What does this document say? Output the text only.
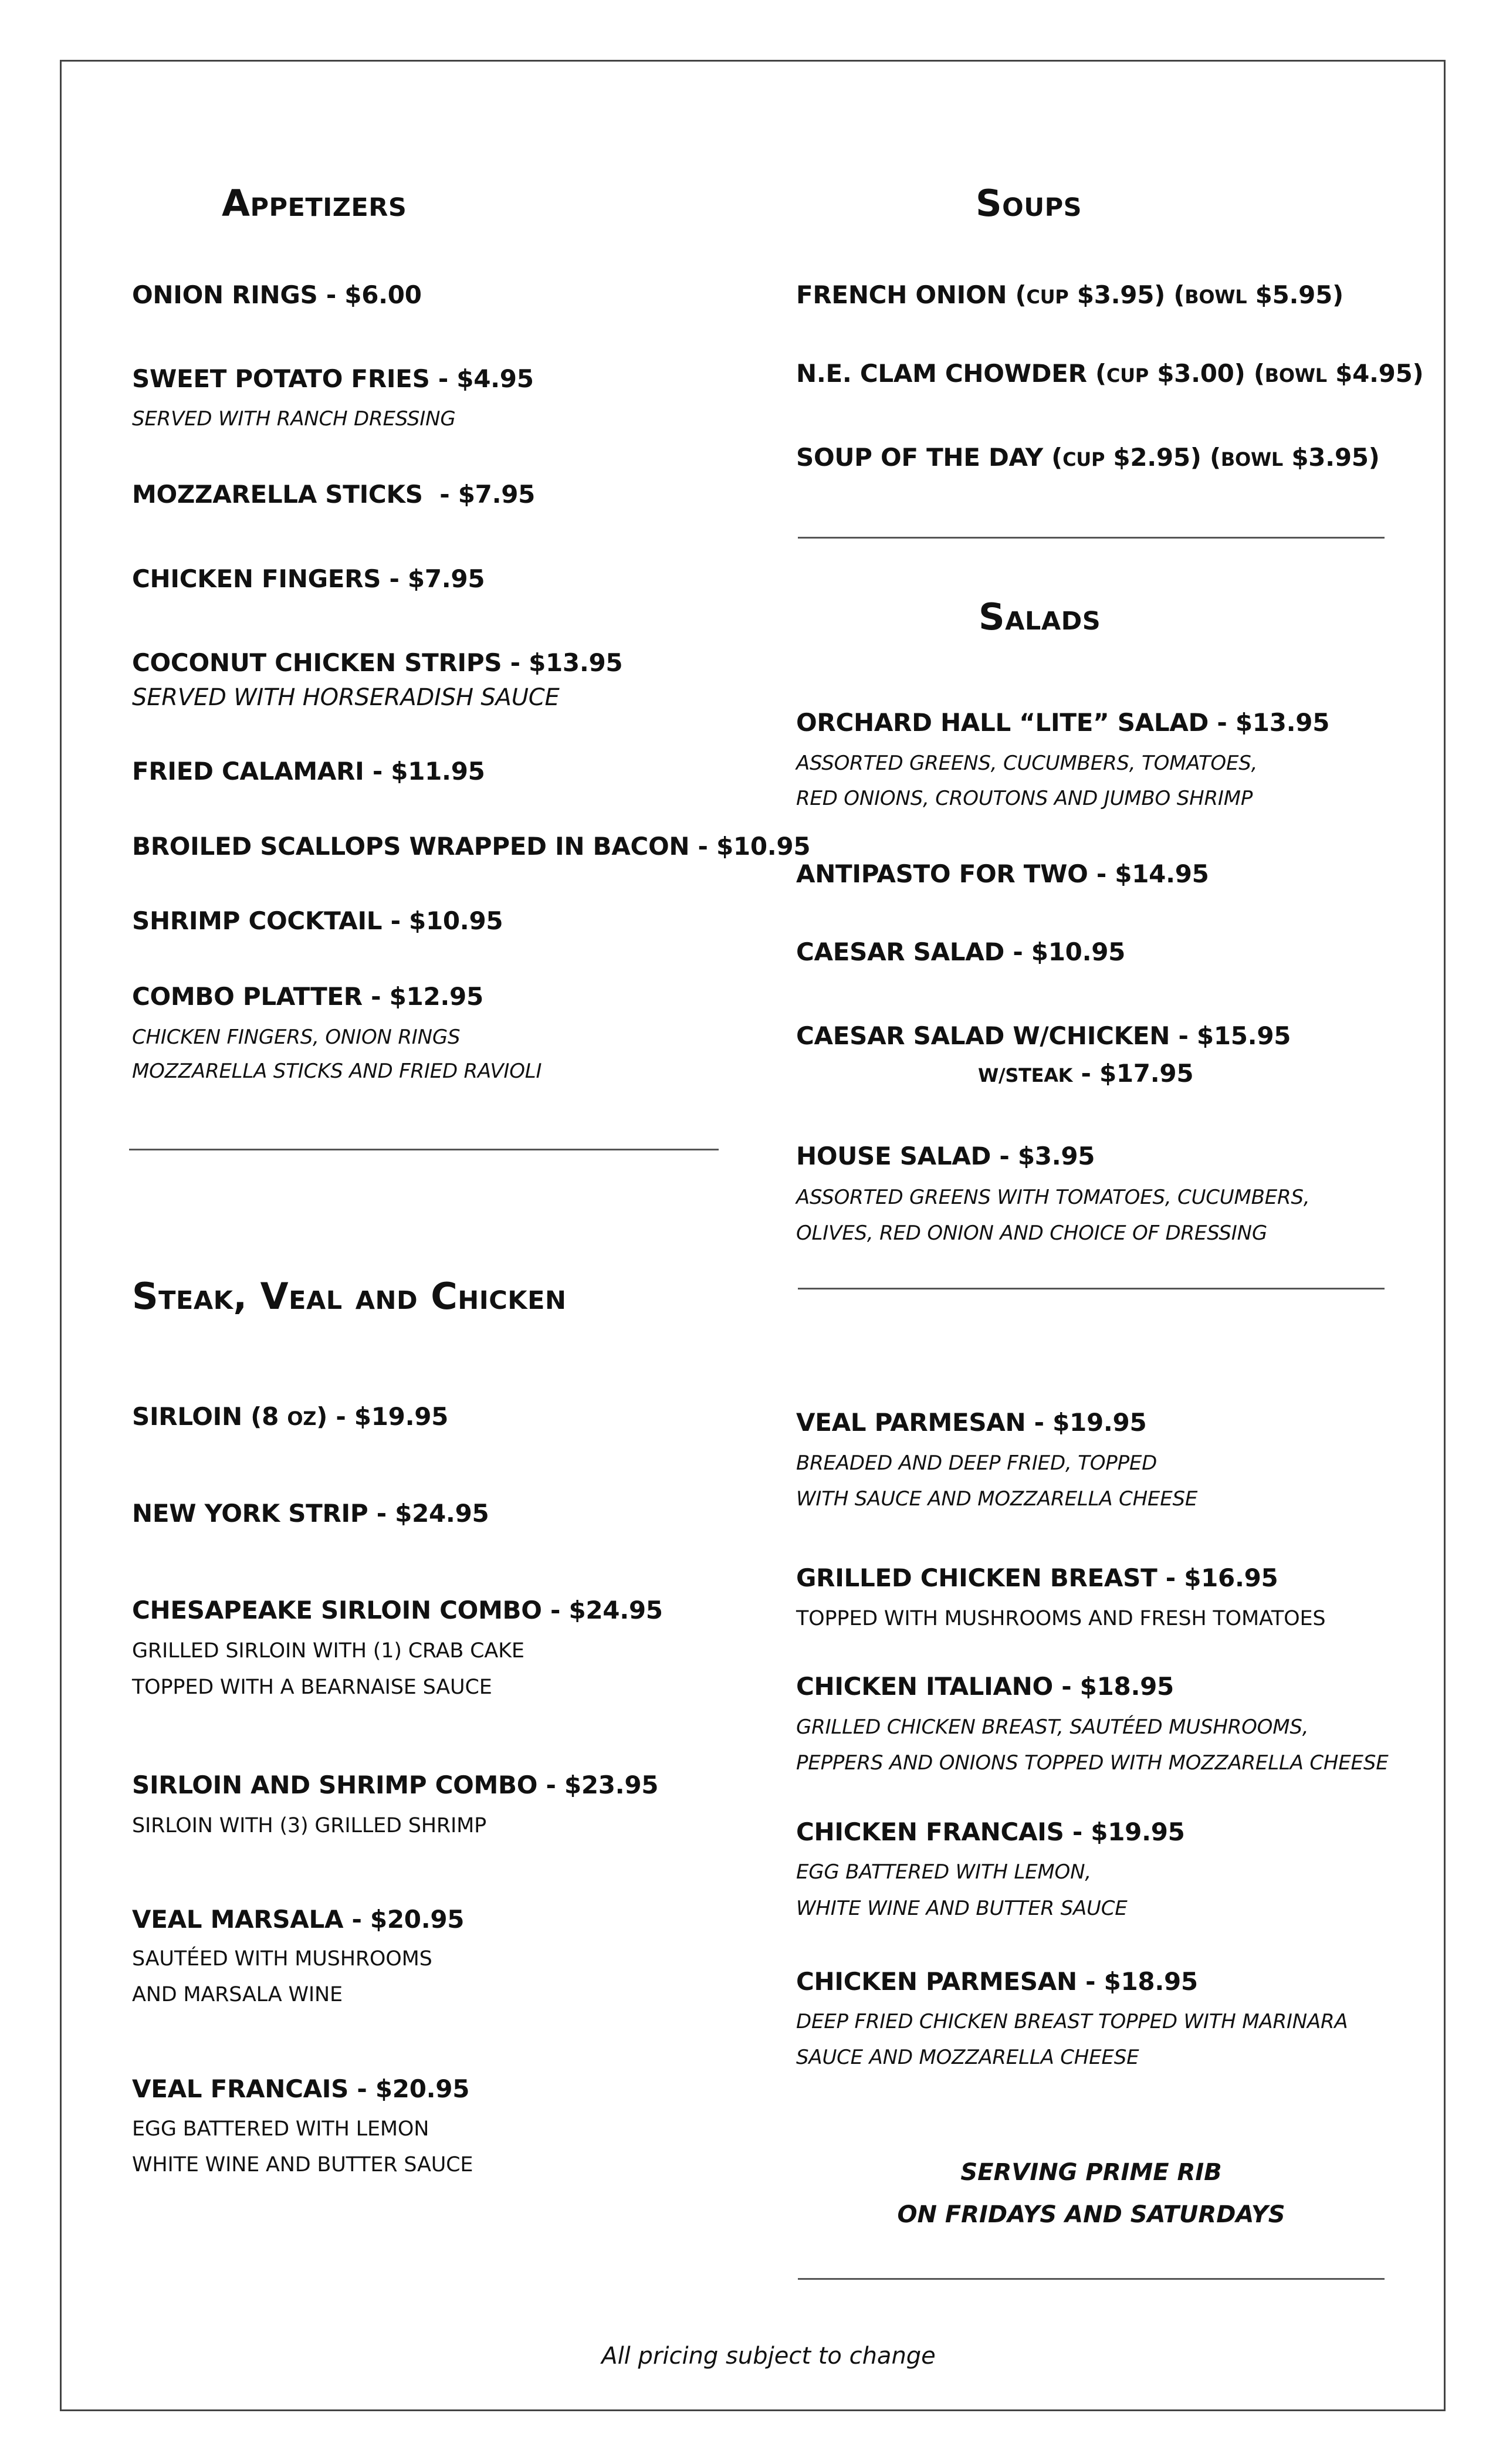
Appetizers
ONION RINGS - $6.00
SWEET POTATO FRIES - $4.95
SERVED WITH RANCH DRESSING
MOZZARELLA STICKS  - $7.95
CHICKEN FINGERS - $7.95
COCONUT CHICKEN STRIPS - $13.95
SERVED WITH HORSERADISH SAUCE
FRIED CALAMARI - $11.95
BROILED SCALLOPS WRAPPED IN BACON - $10.95
SHRIMP COCKTAIL - $10.95
COMBO PLATTER - $12.95
CHICKEN FINGERS, ONION RINGS
MOZZARELLA STICKS AND FRIED RAVIOLI
Soups
FRENCH ONION (CUP $3.95) (BOWL $5.95)
N.E. CLAM CHOWDER (CUP $3.00) (BOWL $4.95)
SOUP OF THE DAY (CUP $2.95) (BOWL $3.95)
Salads
ORCHARD HALL “LITE” SALAD - $13.95
ASSORTED GREENS, CUCUMBERS, TOMATOES,
RED ONIONS, CROUTONS AND JUMBO SHRIMP
ANTIPASTO FOR TWO - $14.95
CAESAR SALAD - $10.95
CAESAR SALAD W/CHICKEN - $15.95
W/STEAK - $17.95
HOUSE SALAD - $3.95
ASSORTED GREENS WITH TOMATOES, CUCUMBERS,
OLIVES, RED ONION AND CHOICE OF DRESSING
Steak, Veal and Chicken
SIRLOIN (8 OZ) - $19.95
NEW YORK STRIP - $24.95
CHESAPEAKE SIRLOIN COMBO - $24.95
GRILLED SIRLOIN WITH (1) CRAB CAKE
TOPPED WITH A BEARNAISE SAUCE
SIRLOIN AND SHRIMP COMBO - $23.95
SIRLOIN WITH (3) GRILLED SHRIMP
VEAL MARSALA - $20.95
SAUTÉED WITH MUSHROOMS
AND MARSALA WINE
VEAL FRANCAIS - $20.95
EGG BATTERED WITH LEMON
WHITE WINE AND BUTTER SAUCE
VEAL PARMESAN - $19.95
BREADED AND DEEP FRIED, TOPPED
WITH SAUCE AND MOZZARELLA CHEESE
GRILLED CHICKEN BREAST - $16.95
TOPPED WITH MUSHROOMS AND FRESH TOMATOES
CHICKEN ITALIANO - $18.95
GRILLED CHICKEN BREAST, SAUTÉED MUSHROOMS,
PEPPERS AND ONIONS TOPPED WITH MOZZARELLA CHEESE
CHICKEN FRANCAIS - $19.95
EGG BATTERED WITH LEMON,
WHITE WINE AND BUTTER SAUCE
CHICKEN PARMESAN - $18.95
DEEP FRIED CHICKEN BREAST TOPPED WITH MARINARA
SAUCE AND MOZZARELLA CHEESE
SERVING PRIME RIB
ON FRIDAYS AND SATURDAYS
All pricing subject to change
